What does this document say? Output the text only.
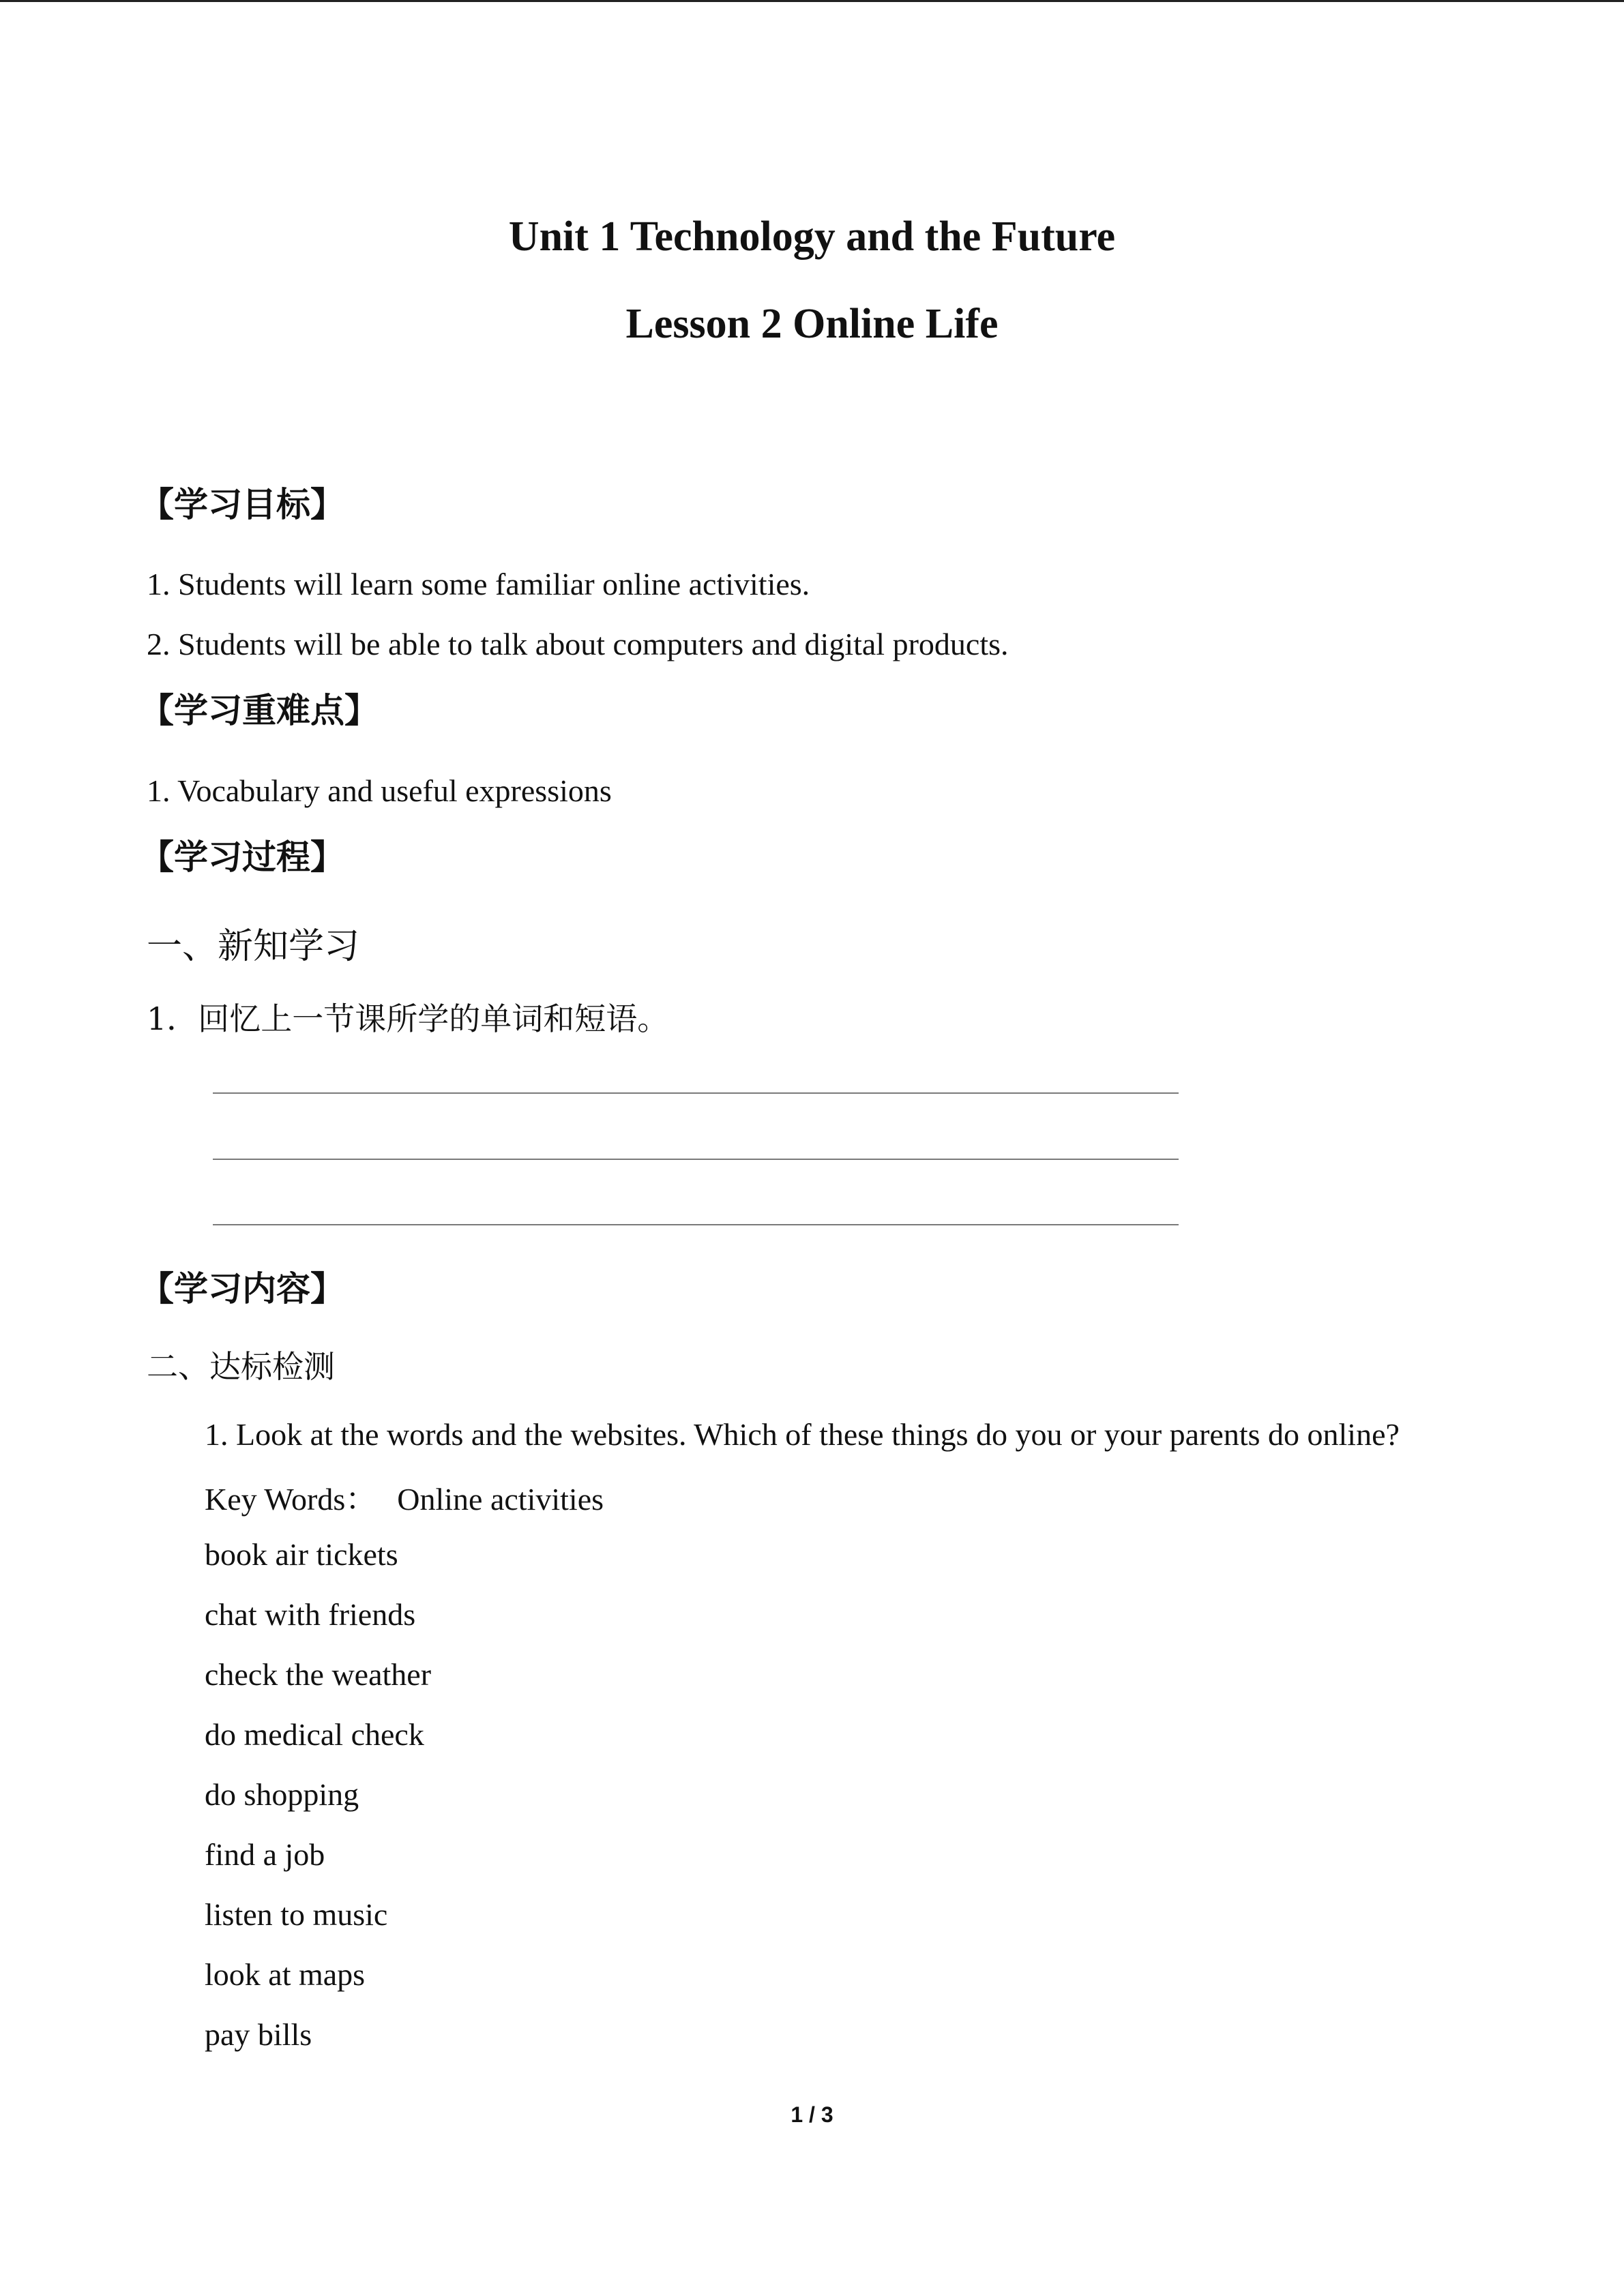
Unit 1 Technology and the Future
Lesson 2 Online Life
【学习目标】
1. Students will learn some familiar online activities.
2. Students will be able to talk about computers and digital products.
【学习重难点】
1. Vocabulary and useful expressions
【学习过程】
一、新知学习
1．回忆上一节课所学的单词和短语。
【学习内容】
二、达标检测
1. Look at the words and the websites. Which of these things do you or your parents do online?
Key Words： Online activities
book air tickets
chat with friends
check the weather
do medical check
do shopping
find a job
listen to music
look at maps
pay bills
1 / 3
